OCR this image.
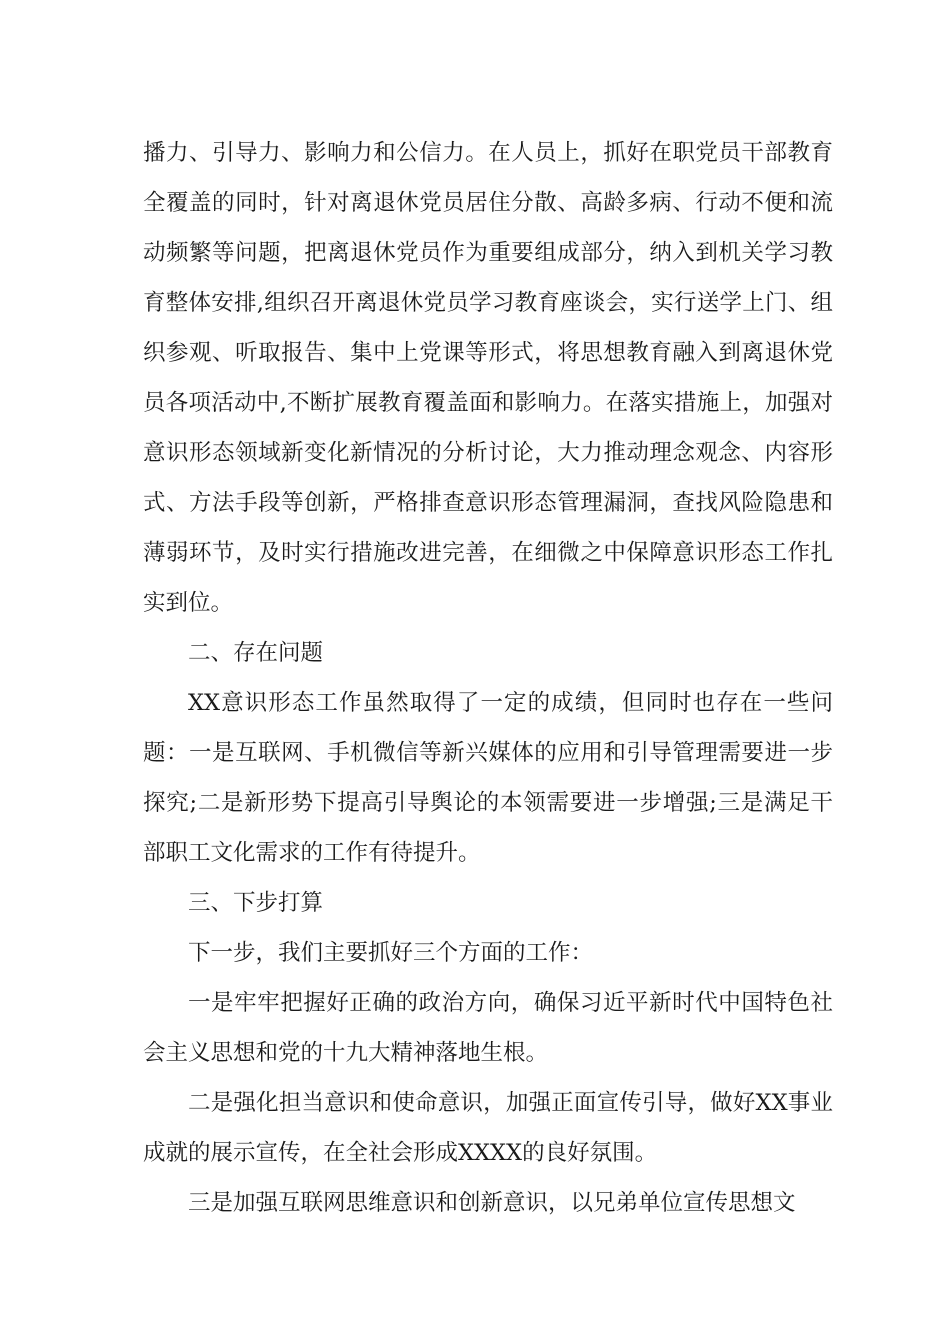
播力、引导力、影响力和公信力。在人员上，抓好在职党员干部教育全覆盖的同时，针对离退休党员居住分散、高龄多病、行动不便和流动频繁等问题，把离退休党员作为重要组成部分，纳入到机关学习教育整体安排,组织召开离退休党员学习教育座谈会，实行送学上门、组织参观、听取报告、集中上党课等形式，将思想教育融入到离退休党员各项活动中,不断扩展教育覆盖面和影响力。在落实措施上，加强对意识形态领域新变化新情况的分析讨论，大力推动理念观念、内容形式、方法手段等创新，严格排查意识形态管理漏洞，查找风险隐患和薄弱环节，及时实行措施改进完善，在细微之中保障意识形态工作扎实到位。

二、存在问题

XX意识形态工作虽然取得了一定的成绩，但同时也存在一些问题：一是互联网、手机微信等新兴媒体的应用和引导管理需要进一步探究;二是新形势下提高引导舆论的本领需要进一步增强;三是满足干部职工文化需求的工作有待提升。

三、下步打算

下一步，我们主要抓好三个方面的工作：

一是牢牢把握好正确的政治方向，确保习近平新时代中国特色社会主义思想和党的十九大精神落地生根。

二是强化担当意识和使命意识，加强正面宣传引导，做好XX事业成就的展示宣传，在全社会形成XXXX的良好氛围。

三是加强互联网思维意识和创新意识，以兄弟单位宣传思想文
